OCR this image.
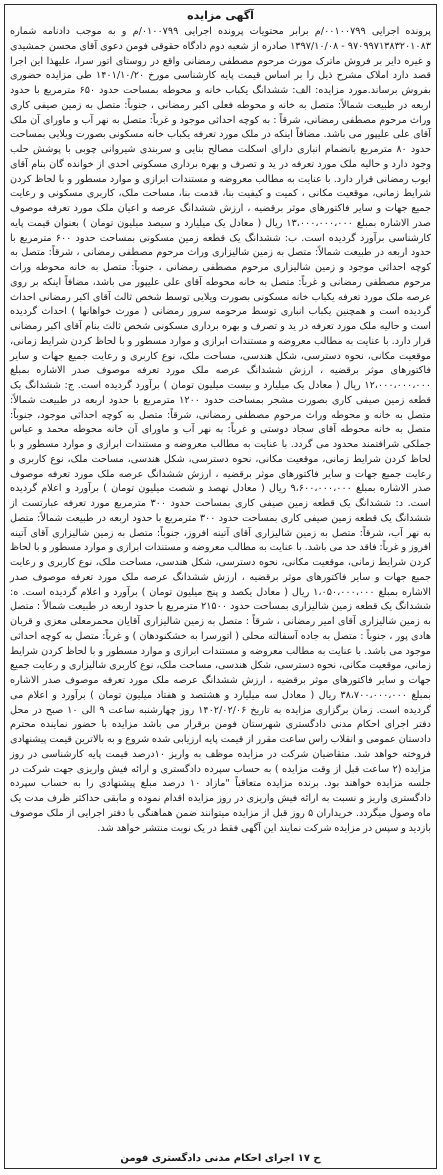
آگهی مزایده

پرونده اجرایی ۰۰۱۰۰۷۹۹/م برابر محتویات پرونده اجرایی ۰۱۰۰۷۹۹/م و به موجب دادنامه شماره ۹۷۰۹۹۷۱۳۸۳۲۰۱۰۸۳ - ۱۳۹۷/۱۰/۰۸ صادره از شعبه دوم دادگاه حقوقی فومن دعوی آقای محسن جمشیدی و غیره دایر بر فروش ماترک مورث مرحوم مصطفی رمضانی واقع در روستای اتور سرا، علیهذا این اجرا قصد دارد املاک مشرح ذیل را بر اساس قیمت پایه کارشناسی مورخ ۱۴۰۱/۱۰/۲۰ طی مزایده حضوری بفروش برساند.مورد مزایده: الف: ششدانگ یکباب خانه و محوطه بمساحت حدود ۶۵۰ مترمربع با حدود اربعه در طبیعت شمالاً: متصل به خانه و محوطه فعلی اکبر رمضانی ، جنوباً: متصل به زمین صیفی کاری وراث مرحوم مصطفی رمضانی، شرقاً : به کوچه احداثی موجود و غرباً: متصل به نهر آب و ماورای آن ملک آقای علی علیپور می باشد. مضافاً اینکه در ملک مورد تعرفه یکباب خانه مسکونی بصورت ویلایی بمساحت حدود ۸۰ مترمربع بانضمام انباری دارای اسکلت مصالح بنایی و سربندی شیروانی چوبی با پوشش حلب وجود دارد و حالیه ملک مورد تعرفه در ید و تصرف و بهره برداری مسکونی احدی از خوانده گان بنام آقای ایوب رمضانی قرار دارد. با عنایت به مطالب معروضه و مستندات ابرازی و موارد مسطور و با لحاظ کردن شرایط زمانی، موقعیت مکانی ، کمیت و کیفیت بنا، قدمت بنا، مساحت ملک، کاربری مسکونی و رعایت جمیع جهات و سایر فاکتورهای موثر برقضیه ، ارزش ششدانگ عرصه و اعیان ملک مورد تعرفه موصوف صدر الاشاره بمبلغ ۱۳،۰۰۰،۰۰۰،۰۰۰ ریال ( معادل یک میلیارد و سیصد میلیون تومان ) بعنوان قیمت پایه کارشناسی برآورد گردیده است. ب: ششدانگ یک قطعه زمین مسکونی بمساحت حدود ۶۰۰ مترمربع با حدود اربعه در طبیعت شمالاً: متصل به زمین شالیزاری وراث مرحوم مصطفی رمضانی ، شرقاً: متصل به کوچه احداثی موجود و زمین شالیزاری مرحوم مصطفی رمضانی ، جنوباً: متصل به خانه محوطه وراث مرحوم مصطفی رمضانی و غرباً: متصل به خانه محوطه آقای علی علیپور می باشد، مضافاً اینکه بر روی عرصه ملک مورد تعرفه یکباب خانه مسکونی بصورت ویلایی توسط شخص ثالث آقای اکبر رمضانی احداث گردیده است و همچنین یکباب انباری توسط مرحومه سرور رمضانی ( مورث خواهانها ) احداث گردیده است و حالیه ملک مورد تعرفه در ید و تصرف و بهره برداری مسکونی شخص ثالث بنام آقای اکبر رمضانی قرار دارد. با عنایت به مطالب معروضه و مستندات ابرازی و موارد مسطور و با لحاظ کردن شرایط زمانی، موقعیت مکانی، نحوه دسترسی، شکل هندسی، مساحت ملک، نوع کاربری و رعایت جمیع جهات و سایر فاکتورهای موثر برقضیه ، ارزش ششدانگ عرصه ملک مورد تعرفه موصوف صدر الاشاره بمبلغ ۱۲،۰۰۰،۰۰۰،۰۰۰ ریال ( معادل یک میلیارد و بیست میلیون تومان ) برآورد گردیده است. ج: ششدانگ یک قطعه زمین صیفی کاری بصورت مشجر بمساحت حدود ۱۲۰۰ مترمربع با حدود اربعه در طبیعت شمالاً: متصل به خانه و محوطه وراث مرحوم مصطفی رمضانی، شرقاً: متصل به کوچه احداثی موجود، جنوباً: متصل به خانه محوطه آقای سجاد دوستی و غرباً: به نهر آب و ماورای آن خانه محوطه محمد و عباس جملکی شرافتمند محدود می گردد. با عنایت به مطالب معروضه و مستندات ابرازی و موارد مسطور و با لحاظ کردن شرایط زمانی، موقعیت مکانی، نحوه دسترسی، شکل هندسی، مساحت ملک، نوع کاربری و رعایت جمیع جهات و سایر فاکتورهای موثر برقضیه ، ارزش ششدانگ عرصه ملک مورد تعرفه موصوف صدر الاشاره بمبلغ ۹،۶۰۰،۰۰۰،۰۰۰ ریال ( معادل نهصد و شصت میلیون تومان ) برآورد و اعلام گردیده است. د: ششدانگ یک قطعه زمین صیفی کاری بمساحت حدود ۳۰۰ مترمربع مورد تعرفه عبارتست از ششدانگ یک قطعه زمین صیفی کاری بمساحت حدود ۳۰۰ مترمربع با حدود اربعه در طبیعت شمالاً: متصل به نهر آب، شرقاً: متصل به زمین شالیزاری آقای آتینه افروز، جنوباً: متصل به زمین شالیزاری آقای آتینه افروز و غرباً: فاقد حد می باشد. با عنایت به مطالب معروضه و مستندات ابرازی و موارد مسطور و با لحاظ کردن شرایط زمانی، موقعیت مکانی، نحوه دسترسی، شکل هندسی، مساحت ملک، نوع کاربری و رعایت جمیع جهات و سایر فاکتورهای موثر برقضیه ، ارزش ششدانگ عرصه ملک مورد تعرفه موصوف صدر الاشاره بمبلغ ۱،۰۵۰،۰۰۰،۰۰۰ ریال ( معادل یکصد و پنج میلیون تومان ) برآورد و اعلام گردیده است. ه: ششدانگ یک قطعه زمین شالیزاری بمساحت حدود ۲۱۵۰۰ مترمربع با حدود اربعه در طبیعت شمالاً : متصل به زمین شالیزاری آقای امیر رمضانی ، شرقاً : متصل به زمین شالیزاری آقایان محمرمعلی معزی و قربان هادی پور ، جنوباً : متصل به جاده آسفالته محلی ( اتورسرا به خشکنودهان ) و غرباً: متصل به کوچه احداثی موجود می باشد. با عنایت به مطالب معروضه و مستندات ابرازی و موارد مسطور و با لحاظ کردن شرایط زمانی، موقعیت مکانی، نحوه دسترسی، شکل هندسی، مساحت ملک، نوع کاربری شالیزاری و رعایت جمیع جهات و سایر فاکتورهای موثر برقضیه ، ارزش ششدانگ عرصه ملک مورد تعرفه موصوف صدر الاشاره بمبلغ ۳۸،۷۰۰،۰۰۰،۰۰۰ ریال ( معادل سه میلیارد و هشتصد و هفتاد میلیون تومان ) برآورد و اعلام می گردیده است. زمان برگزاری مزایده به تاریخ ۱۴۰۲/۰۲/۰۶ روز چهارشنبه ساعت ۹ الی ۱۰ صبح در محل دفتر اجرای احکام مدنی دادگستری شهرستان فومن برقرار می باشد مزایده با حضور نماینده محترم دادستان عمومی و انقلاب راس ساعت مقرر از قیمت پایه ارزیابی شده شروع و به بالاترین قیمت پیشنهادی فروخته خواهد شد. متقاضیان شرکت در مزایده موظف به واریز ۱۰درصد قیمت پایه کارشناسی در روز مزایده (۲ ساعت قبل از وقت مزایده ) به حساب سپرده دادگستری و ارائه فیش واریزی جهت شرکت در جلسه مزایده خواهند بود. برنده مزایده متعاقباً "مازاد ۱۰ درصد مبلغ پیشنهادی را به حساب سپرده دادگستری واریز و نسبت به ارائه فیش واریزی در روز مزایده اقدام نموده و مابقی حداکثر ظرف مدت یک ماه وصول میگردد. خریداران ۵ روز قبل از مزایده میتوانند ضمن هماهنگی با دفتر اجرایی از ملک موصوف بازدید و سپس در مزایده شرکت نمایند این آگهی فقط در یک نوبت منتشر خواهد شد.

ح ۱۷ اجرای احکام مدنی دادگستری فومن
